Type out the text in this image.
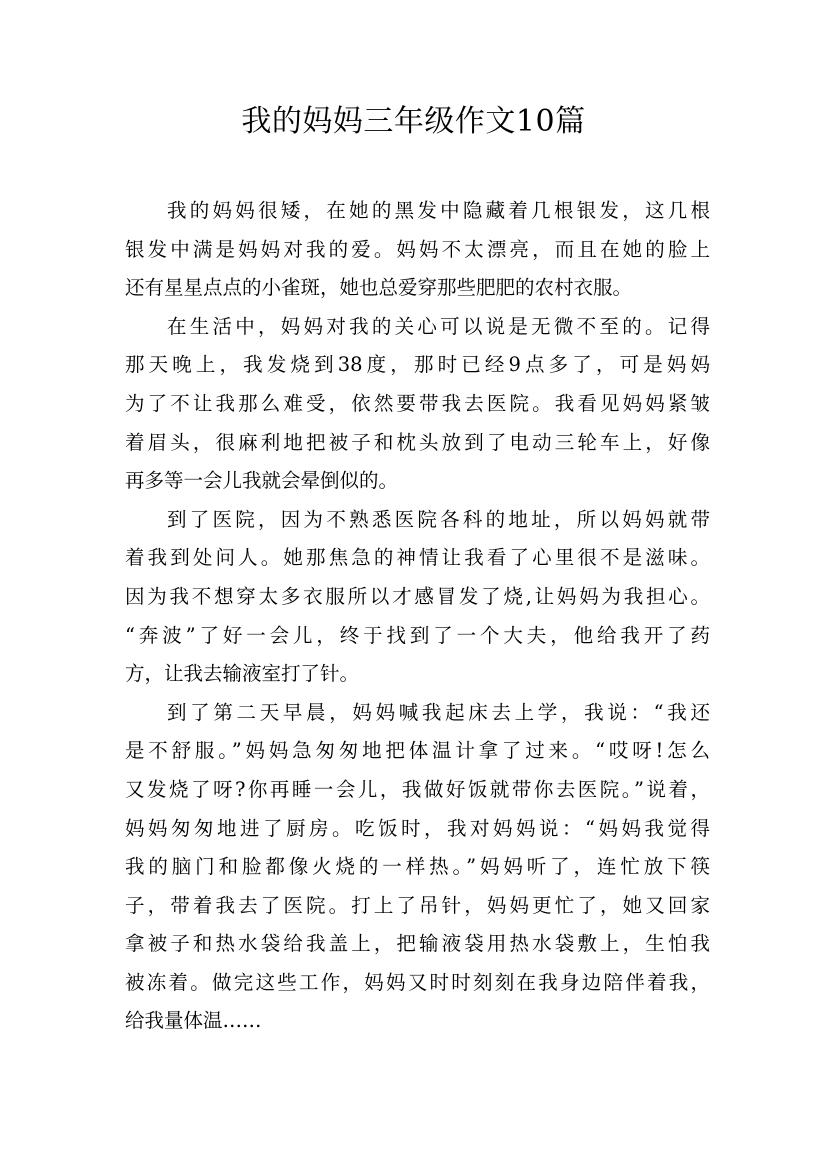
我的妈妈三年级作文10篇
我的妈妈很矮，在她的黑发中隐藏着几根银发，这几根
银发中满是妈妈对我的爱。妈妈不太漂亮，而且在她的脸上
还有星星点点的小雀斑，她也总爱穿那些肥肥的农村衣服。
在生活中，妈妈对我的关心可以说是无微不至的。记得
那天晚上，我发烧到38度，那时已经9点多了，可是妈妈
为了不让我那么难受，依然要带我去医院。我看见妈妈紧皱
着眉头，很麻利地把被子和枕头放到了电动三轮车上，好像
再多等一会儿我就会晕倒似的。
到了医院，因为不熟悉医院各科的地址，所以妈妈就带
着我到处问人。她那焦急的神情让我看了心里很不是滋味。
因为我不想穿太多衣服所以才感冒发了烧,让妈妈为我担心。
“奔波”了好一会儿，终于找到了一个大夫，他给我开了药
方，让我去输液室打了针。
到了第二天早晨，妈妈喊我起床去上学，我说：“我还
是不舒服。”妈妈急匆匆地把体温计拿了过来。“哎呀!怎么
又发烧了呀?你再睡一会儿，我做好饭就带你去医院。”说着，
妈妈匆匆地进了厨房。吃饭时，我对妈妈说：“妈妈我觉得
我的脑门和脸都像火烧的一样热。”妈妈听了，连忙放下筷
子，带着我去了医院。打上了吊针，妈妈更忙了，她又回家
拿被子和热水袋给我盖上，把输液袋用热水袋敷上，生怕我
被冻着。做完这些工作，妈妈又时时刻刻在我身边陪伴着我，
给我量体温……
